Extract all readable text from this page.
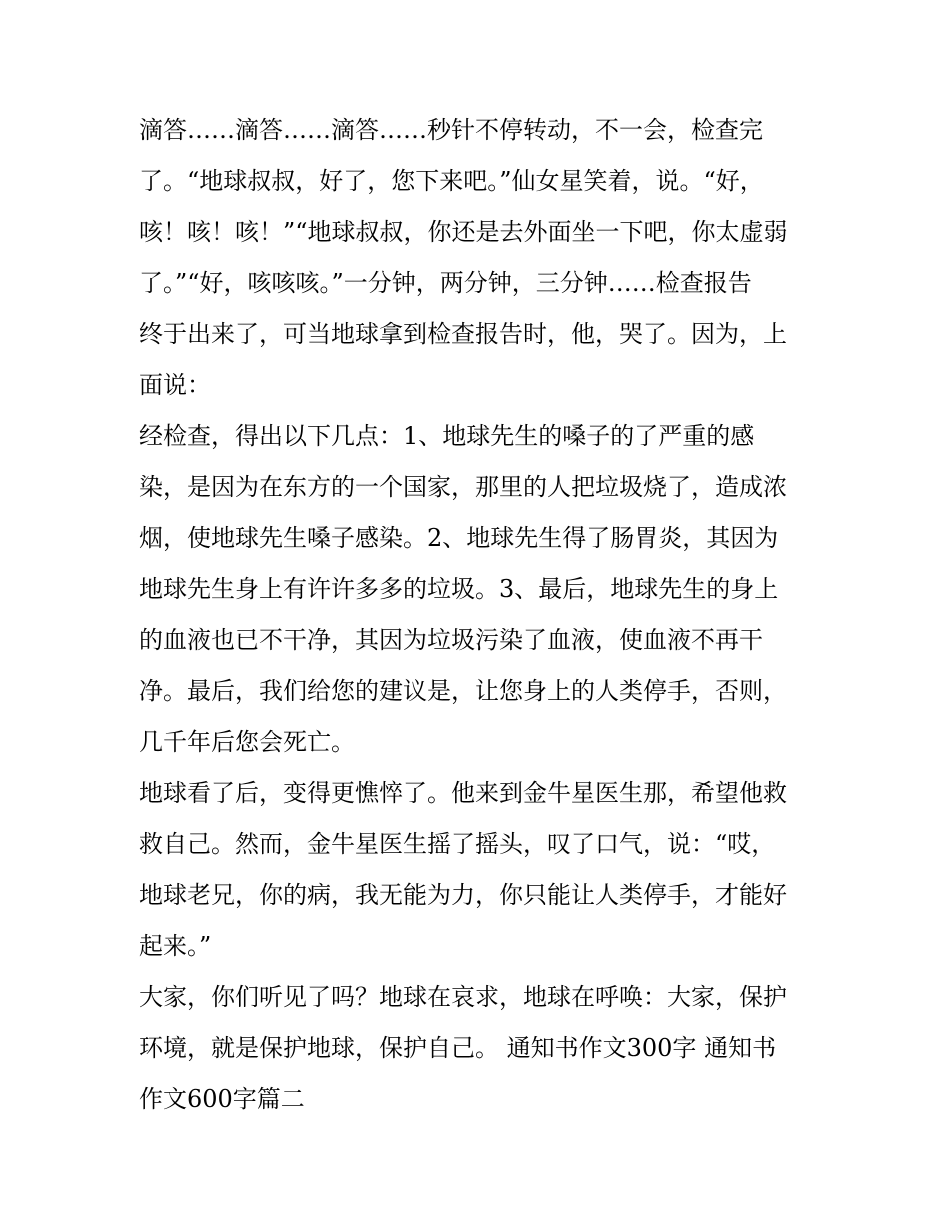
滴答……滴答……滴答……秒针不停转动，不一会，检查完
了。“地球叔叔，好了，您下来吧。”仙女星笑着，说。“好，
咳！咳！咳！”“地球叔叔，你还是去外面坐一下吧，你太虚弱
了。”“好，咳咳咳。”一分钟，两分钟，三分钟……检查报告
终于出来了，可当地球拿到检查报告时，他，哭了。因为，上
面说：
经检查，得出以下几点：1、地球先生的嗓子的了严重的感
染，是因为在东方的一个国家，那里的人把垃圾烧了，造成浓
烟，使地球先生嗓子感染。2、地球先生得了肠胃炎，其因为
地球先生身上有许许多多的垃圾。3、最后，地球先生的身上
的血液也已不干净，其因为垃圾污染了血液，使血液不再干
净。最后，我们给您的建议是，让您身上的人类停手，否则，
几千年后您会死亡。
地球看了后，变得更憔悴了。他来到金牛星医生那，希望他救
救自己。然而，金牛星医生摇了摇头，叹了口气，说：“哎，
地球老兄，你的病，我无能为力，你只能让人类停手，才能好
起来。”
大家，你们听见了吗？地球在哀求，地球在呼唤：大家，保护
环境，就是保护地球，保护自己。 通知书作文300字 通知书
作文600字篇二
